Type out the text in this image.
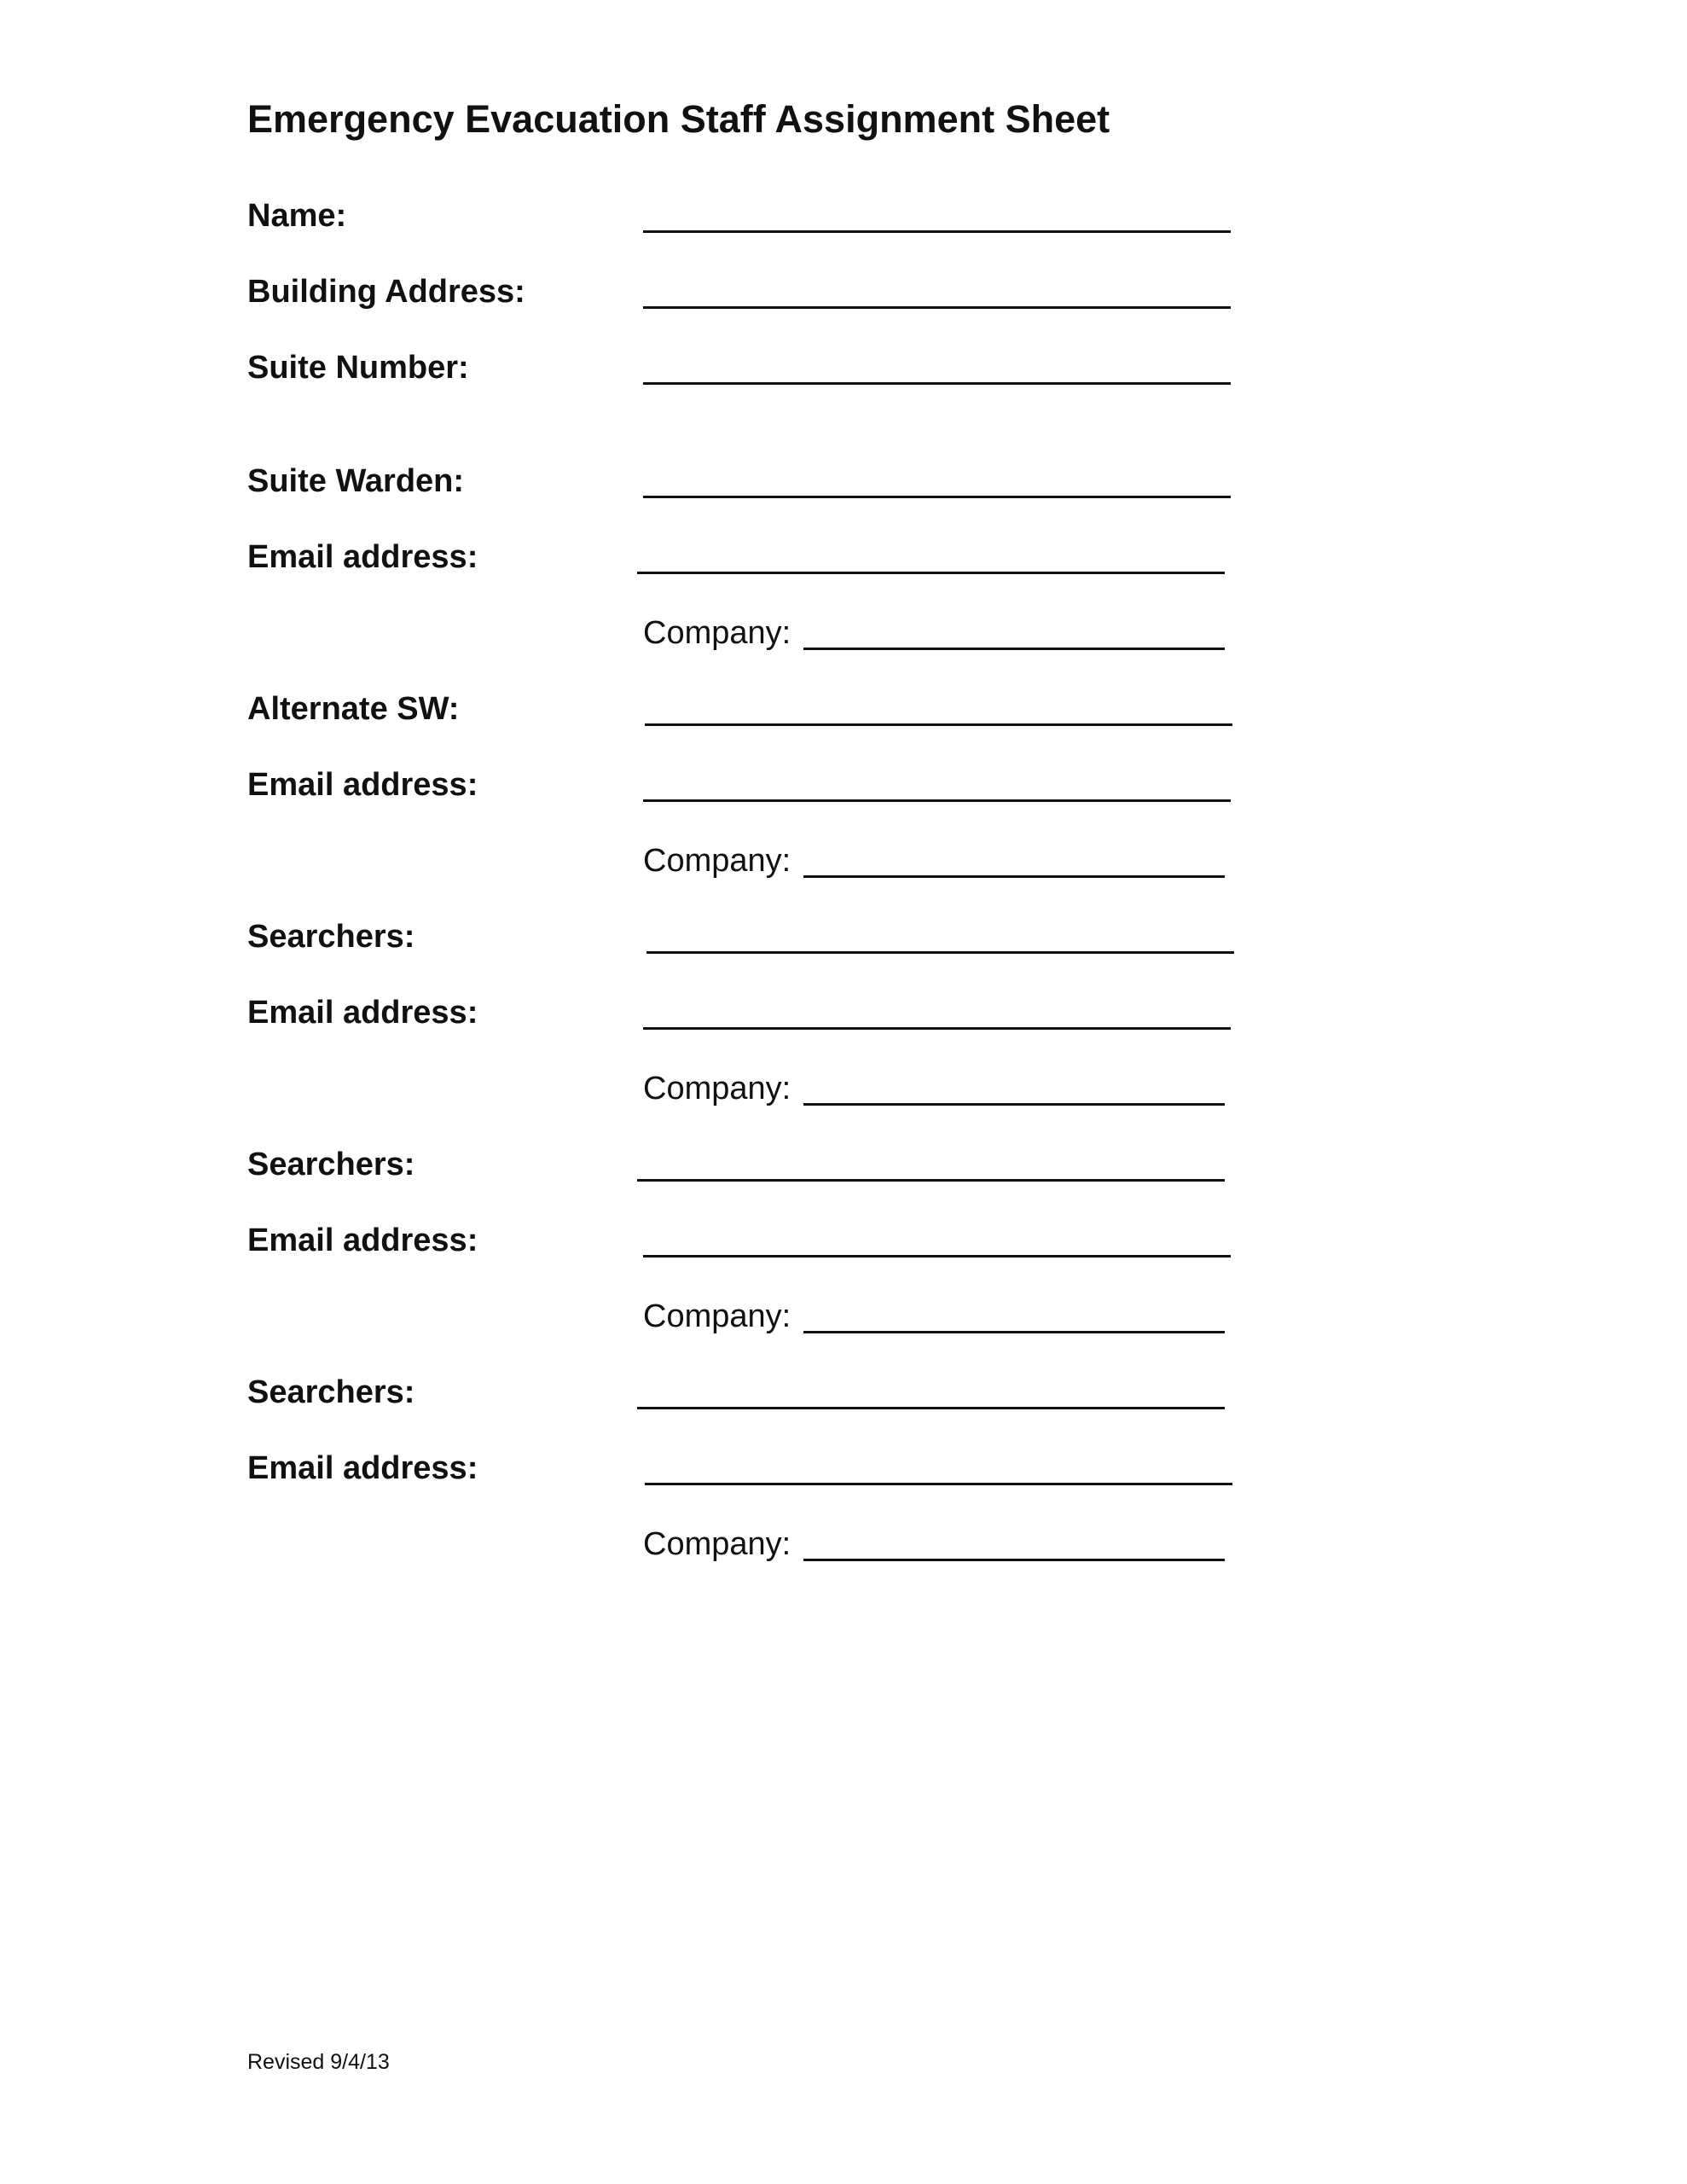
Emergency Evacuation Staff Assignment Sheet
Name:
Building Address:
Suite Number:
Suite Warden:
Email address:
Company:
Alternate SW:
Email address:
Company:
Searchers:
Email address:
Company:
Searchers:
Email address:
Company:
Searchers:
Email address:
Company:
Revised 9/4/13
